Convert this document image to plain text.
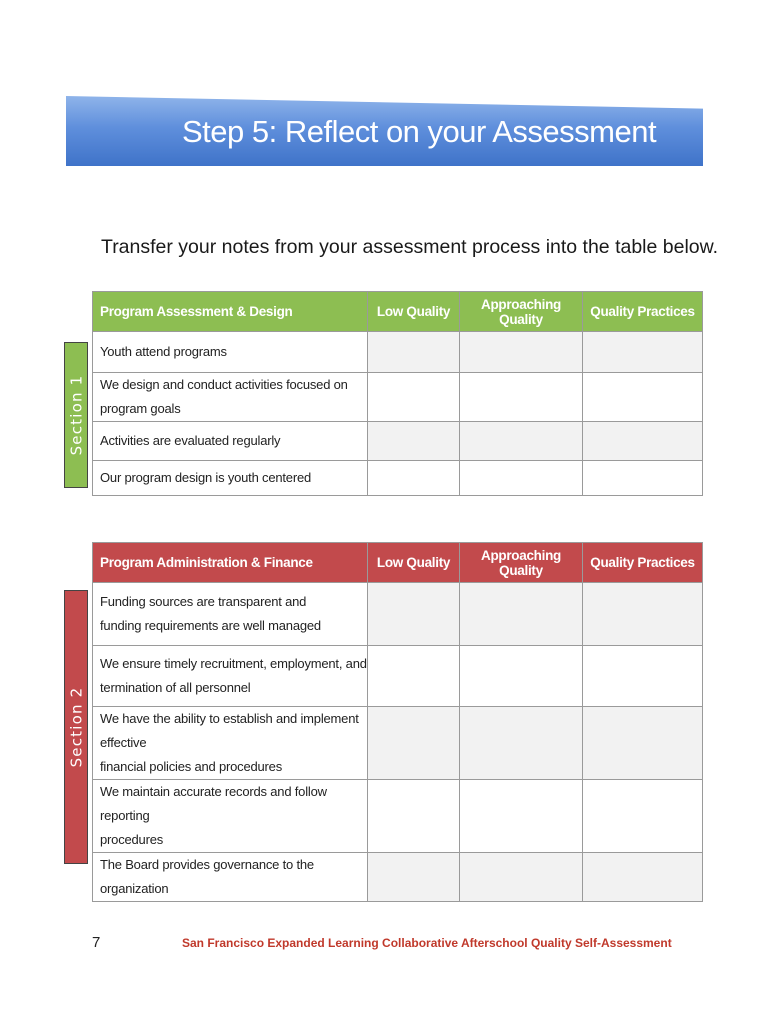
Step 5: Reflect on your Assessment
Transfer your notes from your assessment process into the table below.
Section 1
Program Assessment & Design	Low Quality	Approaching Quality	Quality Practices
Youth attend programs			
We design and conduct activities focused on program goals			
Activities are evaluated regularly			
Our program design is youth centered			
Section 2
Program Administration & Finance	Low Quality	Approaching Quality	Quality Practices

Funding sources are transparent and
funding requirements are well managed			

We ensure timely recruitment, employment, and
termination of all personnel			

We have the ability to establish and implement effective
financial policies and procedures			

We maintain accurate records and follow reporting
procedures			

The Board provides governance to the organization			
7	San Francisco Expanded Learning Collaborative Afterschool Quality Self-Assessment
